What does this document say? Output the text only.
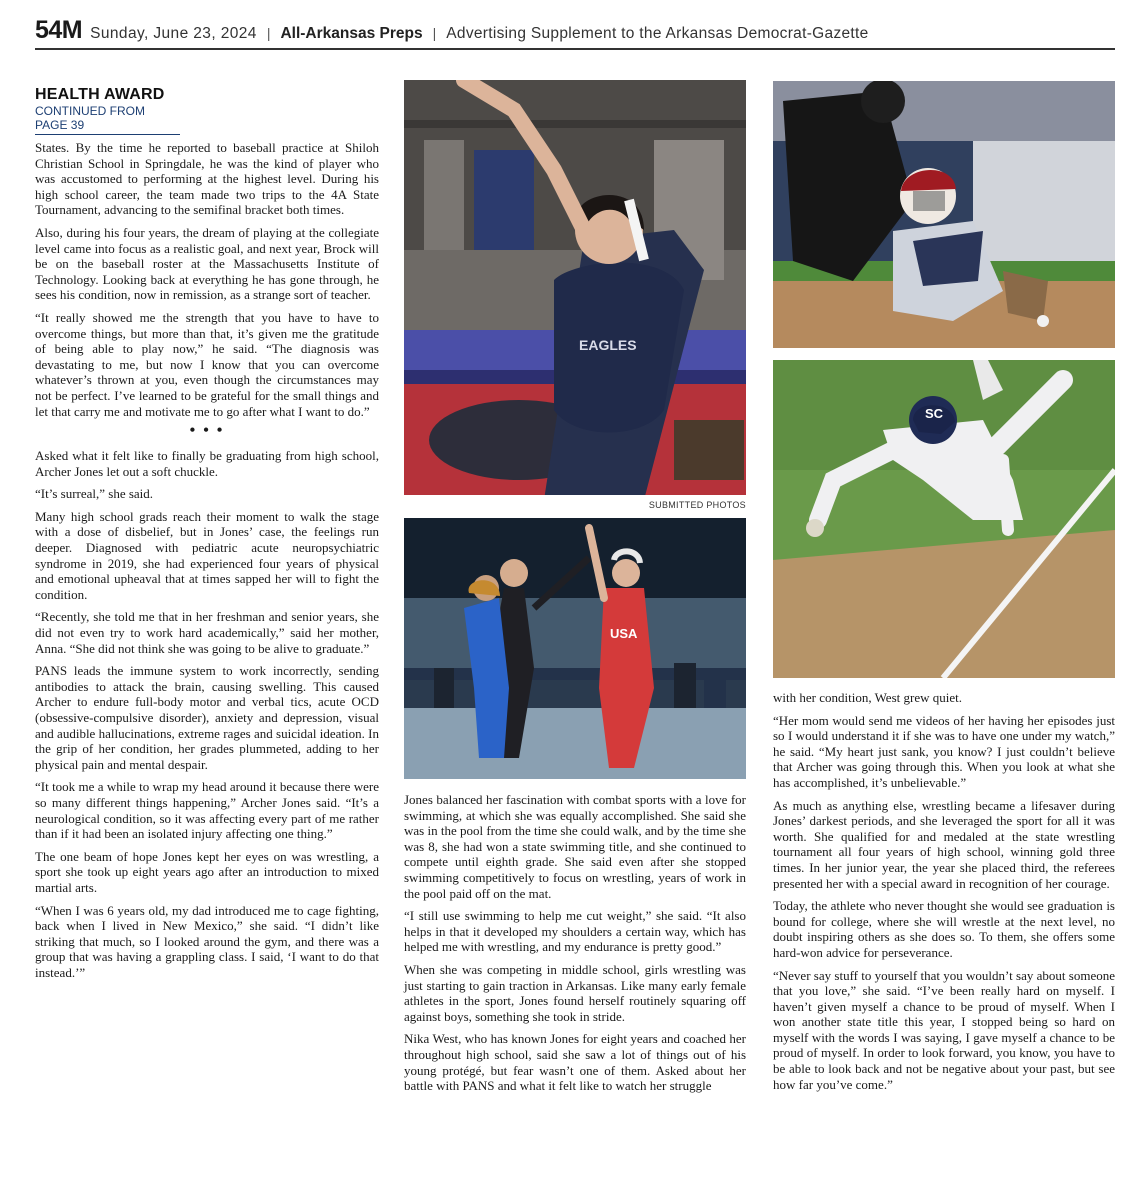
54M Sunday, June 23, 2024 | All-Arkansas Preps | Advertising Supplement to the Arkansas Democrat-Gazette
HEALTH AWARD
CONTINUED FROM PAGE 39

States. By the time he reported to baseball practice at Shiloh Christian School in Springdale, he was the kind of player who was accustomed to performing at the highest level. During his high school career, the team made two trips to the 4A State Tournament, advancing to the semifinal bracket both times.

Also, during his four years, the dream of playing at the collegiate level came into focus as a realistic goal, and next year, Brock will be on the baseball roster at the Massachusetts Institute of Technology. Looking back at everything he has gone through, he sees his condition, now in remission, as a strange sort of teacher.

“It really showed me the strength that you have to have to overcome things, but more than that, it’s given me the gratitude of being able to play now,” he said. “The diagnosis was devastating to me, but now I know that you can overcome whatever’s thrown at you, even though the circumstances may not be perfect. I’ve learned to be grateful for the small things and let that carry me and motivate me to go after what I want to do.”

• • •

Asked what it felt like to finally be graduating from high school, Archer Jones let out a soft chuckle.

“It’s surreal,” she said.

Many high school grads reach their moment to walk the stage with a dose of disbelief, but in Jones’ case, the feelings run deeper. Diagnosed with pediatric acute neuropsychiatric syndrome in 2019, she had experienced four years of physical and emotional upheaval that at times sapped her will to fight the condition.

“Recently, she told me that in her freshman and senior years, she did not even try to work hard academically,” said her mother, Anna. “She did not think she was going to be alive to graduate.”

PANS leads the immune system to work incorrectly, sending antibodies to attack the brain, causing swelling. This caused Archer to endure full-body motor and verbal tics, acute OCD (obsessive-compulsive disorder), anxiety and depression, visual and audible hallucinations, extreme rages and suicidal ideation. In the grip of her condition, her grades plummeted, adding to her physical pain and mental despair.

“It took me a while to wrap my head around it because there were so many different things happening,” Archer Jones said. “It’s a neurological condition, so it was affecting every part of me rather than if it had been an isolated injury affecting one thing.”

The one beam of hope Jones kept her eyes on was wrestling, a sport she took up eight years ago after an introduction to mixed martial arts.

“When I was 6 years old, my dad introduced me to cage fighting, back when I lived in New Mexico,” she said. “I didn’t like striking that much, so I looked around the gym, and there was a group that was having a grappling class. I said, ‘I want to do that instead.’”

EAGLES
SUBMITTED PHOTOS
USA
SC

Jones balanced her fascination with combat sports with a love for swimming, at which she was equally accomplished. She said she was in the pool from the time she could walk, and by the time she was 8, she had won a state swimming title, and she continued to compete until eighth grade. She said even after she stopped swimming competitively to focus on wrestling, years of work in the pool paid off on the mat.

“I still use swimming to help me cut weight,” she said. “It also helps in that it developed my shoulders a certain way, which has helped me with wrestling, and my endurance is pretty good.”

When she was competing in middle school, girls wrestling was just starting to gain traction in Arkansas. Like many early female athletes in the sport, Jones found herself routinely squaring off against boys, something she took in stride.

Nika West, who has known Jones for eight years and coached her throughout high school, said she saw a lot of things out of his young protégé, but fear wasn’t one of them. Asked about her battle with PANS and what it felt like to watch her struggle

with her condition, West grew quiet.

“Her mom would send me videos of her having her episodes just so I would understand it if she was to have one under my watch,” he said. “My heart just sank, you know? I just couldn’t believe that Archer was going through this. When you look at what she has accomplished, it’s unbelievable.”

As much as anything else, wrestling became a lifesaver during Jones’ darkest periods, and she leveraged the sport for all it was worth. She qualified for and medaled at the state wrestling tournament all four years of high school, winning gold three times. In her junior year, the year she placed third, the referees presented her with a special award in recognition of her courage.

Today, the athlete who never thought she would see graduation is bound for college, where she will wrestle at the next level, no doubt inspiring others as she does so. To them, she offers some hard-won advice for perseverance.

“Never say stuff to yourself that you wouldn’t say about someone that you love,” she said. “I’ve been really hard on myself. I haven’t given myself a chance to be proud of myself. When I won another state title this year, I stopped being so hard on myself with the words I was saying, I gave myself a chance to be proud of myself. In order to look forward, you know, you have to be able to look back and not be negative about your past, but see how far you’ve come.”
